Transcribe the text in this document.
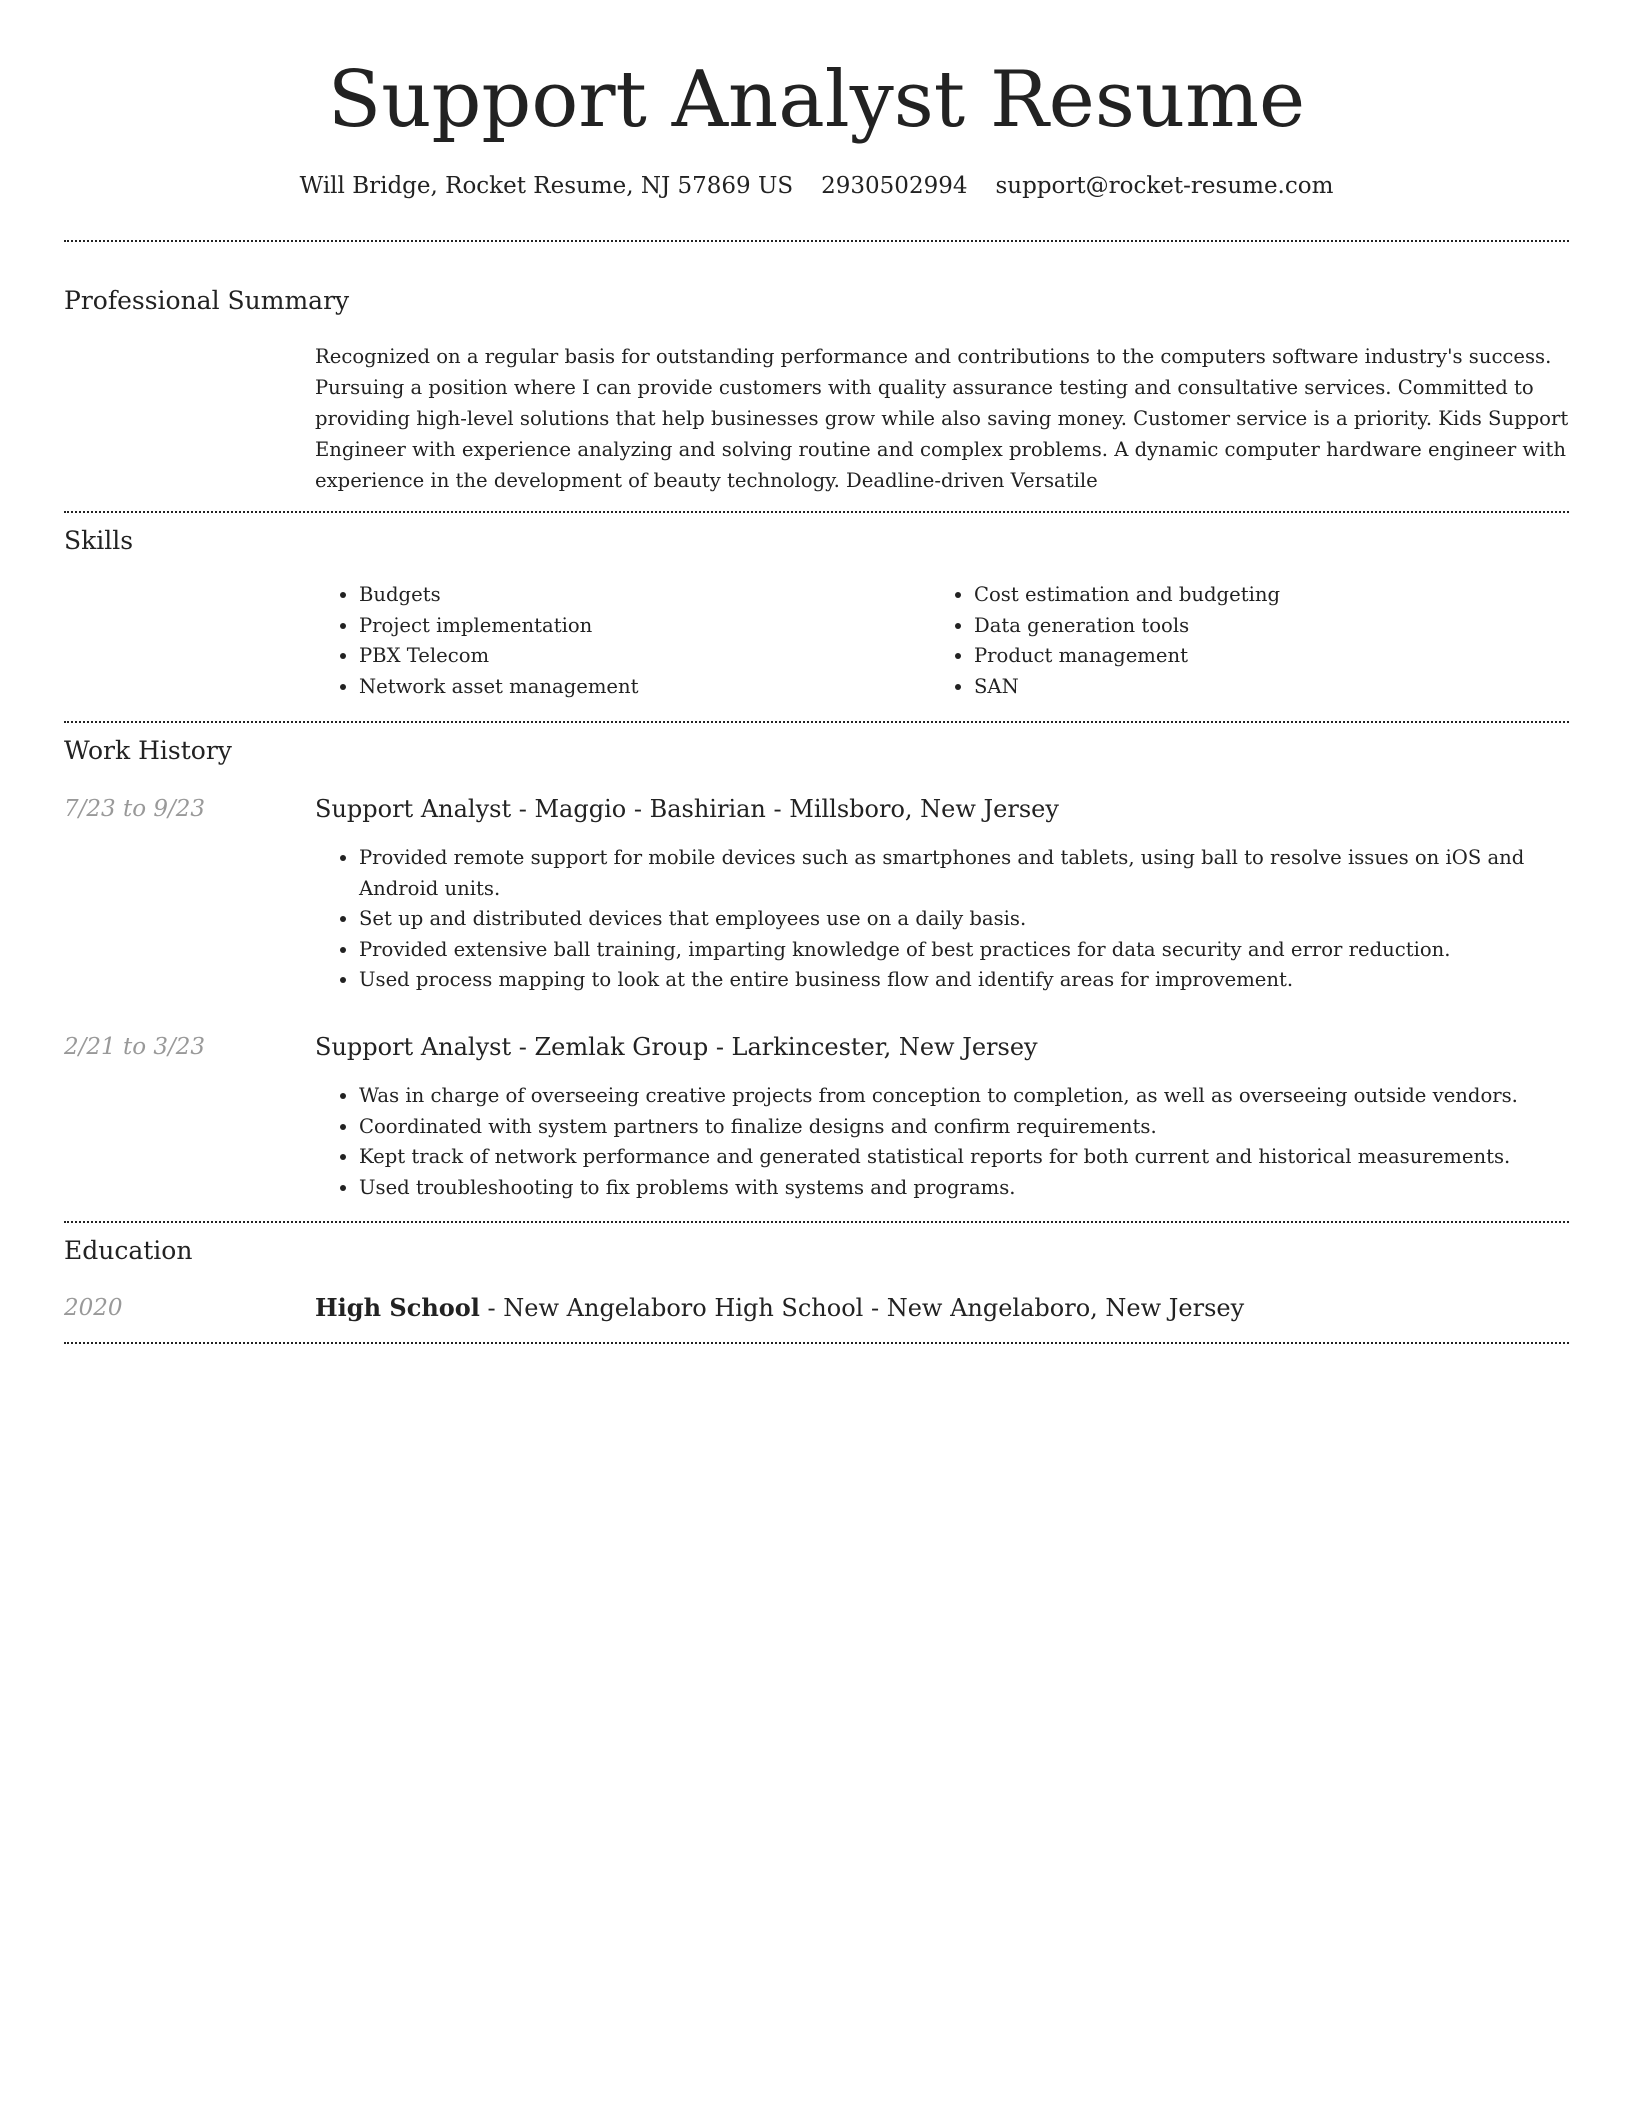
Support Analyst Resume
Will Bridge, Rocket Resume, NJ 57869 US 2930502994 support@rocket-resume.com
Professional Summary
Recognized on a regular basis for outstanding performance and contributions to the computers software industry's success. Pursuing a position where I can provide customers with quality assurance testing and consultative services. Committed to providing high-level solutions that help businesses grow while also saving money. Customer service is a priority. Kids Support Engineer with experience analyzing and solving routine and complex problems. A dynamic computer hardware engineer with experience in the development of beauty technology. Deadline-driven Versatile
Skills
• Budgets
• Project implementation
• PBX Telecom
• Network asset management
• Cost estimation and budgeting
• Data generation tools
• Product management
• SAN
Work History
7/23 to 9/23	Support Analyst - Maggio - Bashirian - Millsboro, New Jersey
• Provided remote support for mobile devices such as smartphones and tablets, using ball to resolve issues on iOS and Android units.
• Set up and distributed devices that employees use on a daily basis.
• Provided extensive ball training, imparting knowledge of best practices for data security and error reduction.
• Used process mapping to look at the entire business flow and identify areas for improvement.
2/21 to 3/23	Support Analyst - Zemlak Group - Larkincester, New Jersey
• Was in charge of overseeing creative projects from conception to completion, as well as overseeing outside vendors.
• Coordinated with system partners to finalize designs and confirm requirements.
• Kept track of network performance and generated statistical reports for both current and historical measurements.
• Used troubleshooting to fix problems with systems and programs.
Education
2020	High School - New Angelaboro High School - New Angelaboro, New Jersey
